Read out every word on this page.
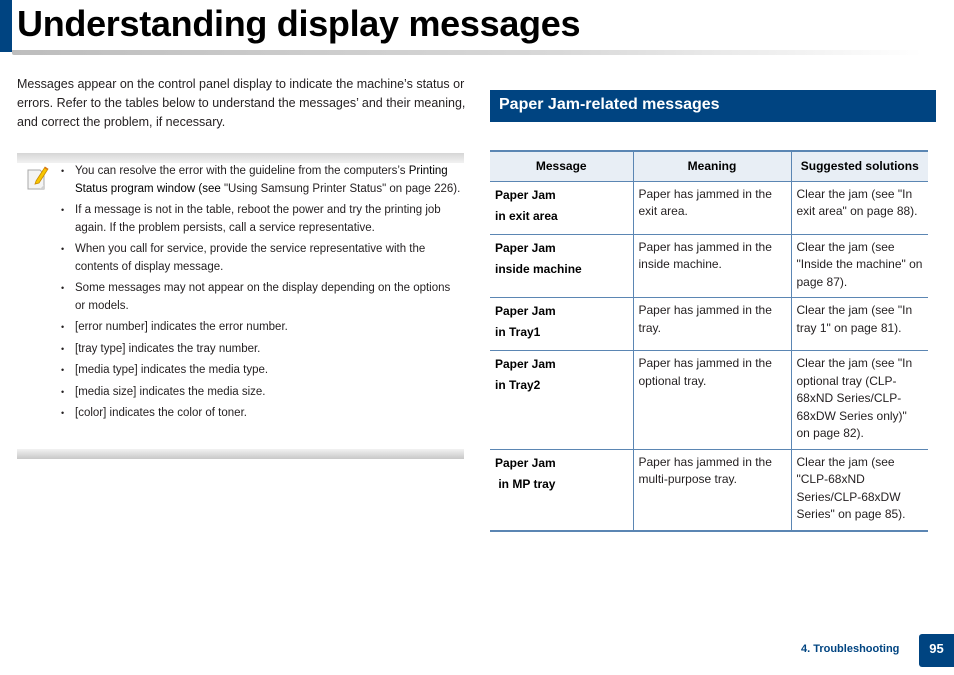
Understanding display messages

Messages appear on the control panel display to indicate the machine’s status or errors. Refer to the tables below to understand the messages’ and their meaning, and correct the problem, if necessary.

• You can resolve the error with the guideline from the computers’s Printing Status program window (see "Using Samsung Printer Status" on page 226).
• If a message is not in the table, reboot the power and try the printing job again. If the problem persists, call a service representative.
• When you call for service, provide the service representative with the contents of display message.
• Some messages may not appear on the display depending on the options or models.
• [error number] indicates the error number.
• [tray type] indicates the tray number.
• [media type] indicates the media type.
• [media size] indicates the media size.
• [color] indicates the color of toner.
Paper Jam-related messages
Message	Meaning	Suggested solutions

Paper Jam
in exit area	Paper has jammed in the exit area.	Clear the jam (see "In exit area" on page 88).

Paper Jam
inside machine	Paper has jammed in the inside machine.	Clear the jam (see "Inside the machine" on page 87).

Paper Jam
in Tray1	Paper has jammed in the tray.	Clear the jam (see "In tray 1" on page 81).

Paper Jam
in Tray2	Paper has jammed in the optional tray.	Clear the jam (see "In optional tray (CLP-68xND Series/CLP-68xDW Series only)" on page 82).

Paper Jam
in MP tray	Paper has jammed in the multi-purpose tray.	Clear the jam (see "CLP-68xND Series/CLP-68xDW Series" on page 85).
4. Troubleshooting	95
